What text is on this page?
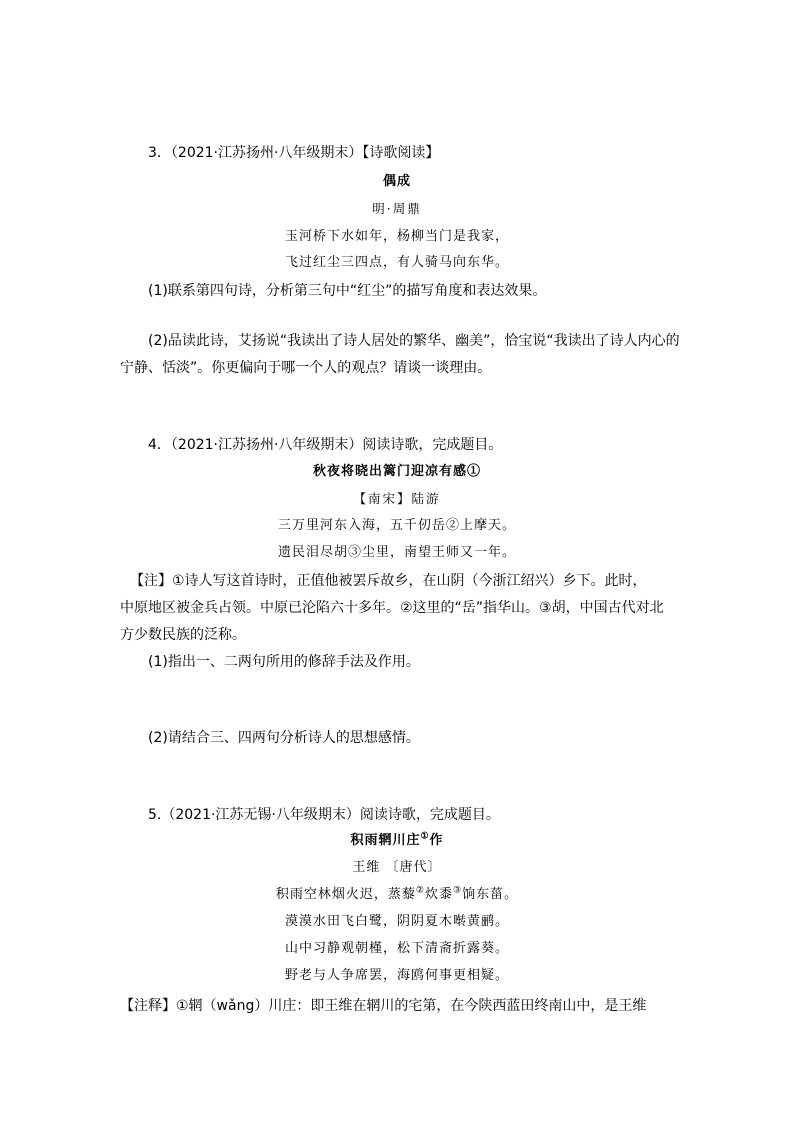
3．（2021·江苏扬州·八年级期末）【诗歌阅读】
偶成
明·周鼎
玉河桥下水如年，杨柳当门是我家，
飞过红尘三四点，有人骑马向东华。
(1)联系第四句诗，分析第三句中“红尘”的描写角度和表达效果。
(2)品读此诗，艾扬说“我读出了诗人居处的繁华、幽美”，恰宝说“我读出了诗人内心的
宁静、恬淡”。你更偏向于哪一个人的观点？请谈一谈理由。
4．（2021·江苏扬州·八年级期末）阅读诗歌，完成题目。
秋夜将晓出篱门迎凉有感①
【南宋】陆游
三万里河东入海，五千仞岳②上摩天。
遗民泪尽胡③尘里，南望王师又一年。
【注】①诗人写这首诗时，正值他被罢斥故乡，在山阴（今浙江绍兴）乡下。此时，
中原地区被金兵占领。中原已沦陷六十多年。②这里的“岳”指华山。③胡，中国古代对北
方少数民族的泛称。
(1)指出一、二两句所用的修辞手法及作用。
(2)请结合三、四两句分析诗人的思想感情。
5.（2021·江苏无锡·八年级期末）阅读诗歌，完成题目。
积雨辋川庄①作
王维 〔唐代〕
积雨空林烟火迟，蒸藜②炊黍③饷东菑。
漠漠水田飞白鹭，阴阴夏木啭黄鹂。
山中习静观朝槿，松下清斋折露葵。
野老与人争席罢，海鸥何事更相疑。
【注释】①辋（wǎng）川庄：即王维在辋川的宅第，在今陕西蓝田终南山中，是王维
